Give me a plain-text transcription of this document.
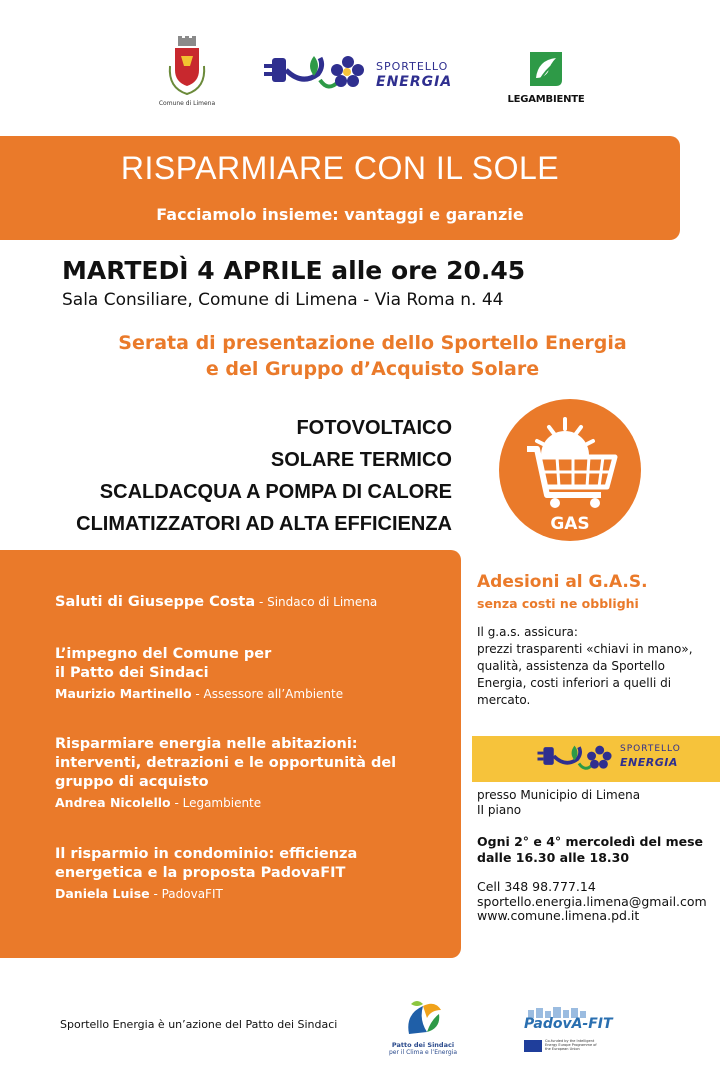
Comune di Limena
SPORTELLO
ENERGIA
LEGAMBIENTE
RISPARMIARE CON IL SOLE
Facciamolo insieme: vantaggi e garanzie
MARTEDÌ 4 APRILE alle ore 20.45
Sala Consiliare, Comune di Limena - Via Roma n. 44
Serata di presentazione dello Sportello Energia
e del Gruppo d’Acquisto Solare
FOTOVOLTAICO
SOLARE TERMICO
SCALDACQUA A POMPA DI CALORE
CLIMATIZZATORI AD ALTA EFFICIENZA	GAS
Saluti di Giuseppe Costa - Sindaco di Limena
L’impegno del Comune per
il Patto dei Sindaci
Maurizio Martinello - Assessore all’Ambiente
Risparmiare energia nelle abitazioni:
interventi, detrazioni e le opportunità del
gruppo di acquisto
Andrea Nicolello - Legambiente
Il risparmio in condominio: efficienza
energetica e la proposta PadovaFIT
Daniela Luise - PadovaFIT
Adesioni al G.A.S.
senza costi ne obblighi
Il g.a.s. assicura:
prezzi trasparenti «chiavi in mano»,
qualità, assistenza da Sportello
Energia, costi inferiori a quelli di
mercato.
SPORTELLO
ENERGIA
presso Municipio di Limena
II piano
Ogni 2° e 4° mercoledì del mese
dalle 16.30 alle 18.30
Cell 348 98.777.14
sportello.energia.limena@gmail.com
www.comune.limena.pd.it
Sportello Energia è un’azione del Patto dei Sindaci
Patto dei Sindaci
per il Clima e l’Energia
PadovA-FIT
Co-funded by the Intelligent Energy Europe Programme of the European Union
